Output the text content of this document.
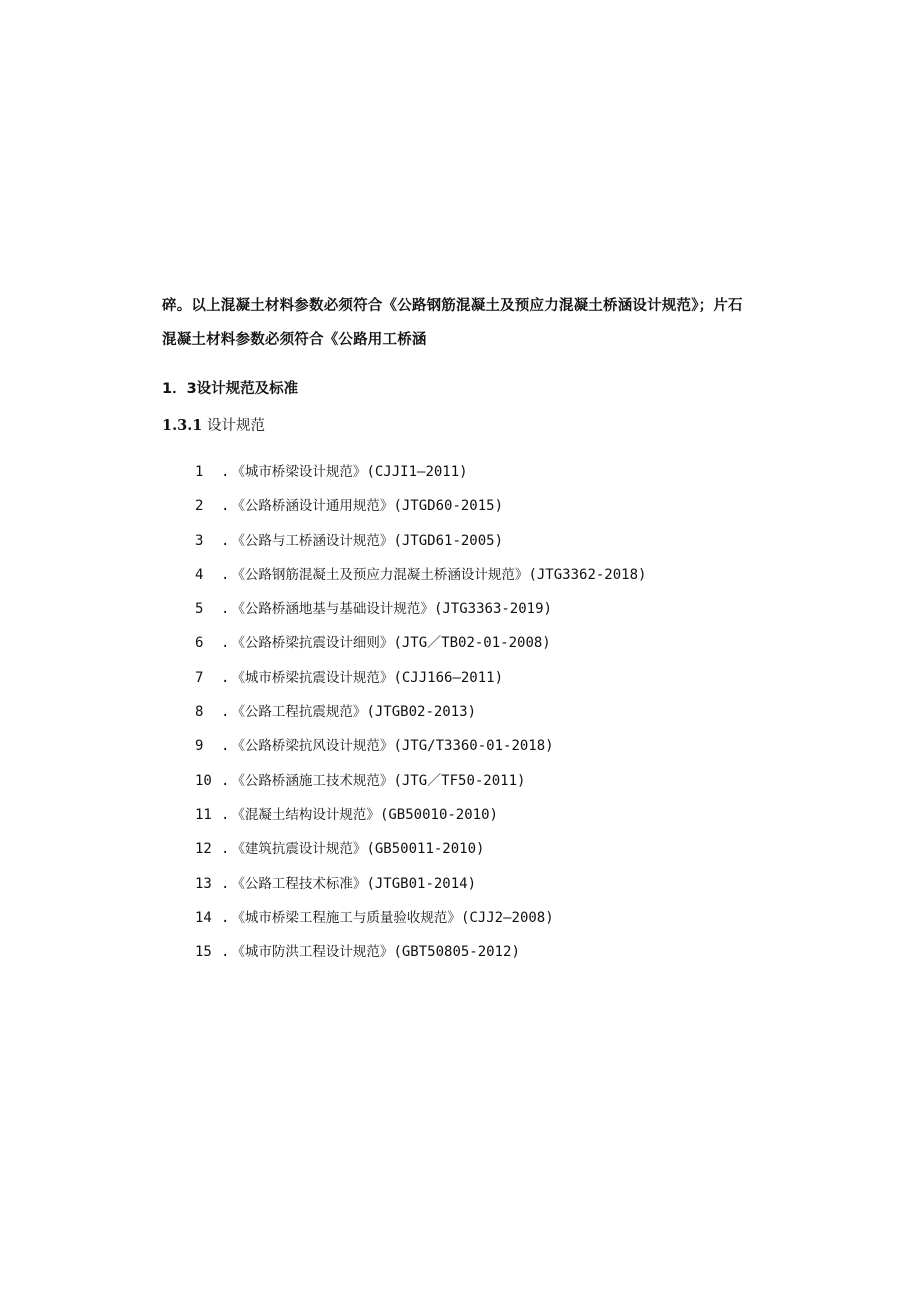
碎。以上混凝土材料参数必须符合《公路钢筋混凝土及预应力混凝土桥涵设计规范》；片石
混凝土材料参数必须符合《公路用工桥涵
1．3设计规范及标准
1.3.1 设计规范
1 . 《城市桥梁设计规范》(CJJI1—2011)
2 . 《公路桥涵设计通用规范》(JTGD60-2015)
3 . 《公路与工桥涵设计规范》(JTGD61-2005)
4 . 《公路钢筋混凝土及预应力混凝土桥涵设计规范》(JTG3362-2018)
5 . 《公路桥涵地基与基础设计规范》(JTG3363-2019)
6 . 《公路桥梁抗震设计细则》(JTG／TB02-01-2008)
7 . 《城市桥梁抗震设计规范》(CJJ166—2011)
8 . 《公路工程抗震规范》(JTGB02-2013)
9 . 《公路桥梁抗风设计规范》(JTG/T3360-01-2018)
10 . 《公路桥涵施工技术规范》(JTG／TF50-2011)
11 . 《混凝土结构设计规范》(GB50010-2010)
12 . 《建筑抗震设计规范》(GB50011-2010)
13 . 《公路工程技术标准》(JTGB01-2014)
14 . 《城市桥梁工程施工与质量验收规范》(CJJ2—2008)
15 . 《城市防洪工程设计规范》(GBT50805-2012)
